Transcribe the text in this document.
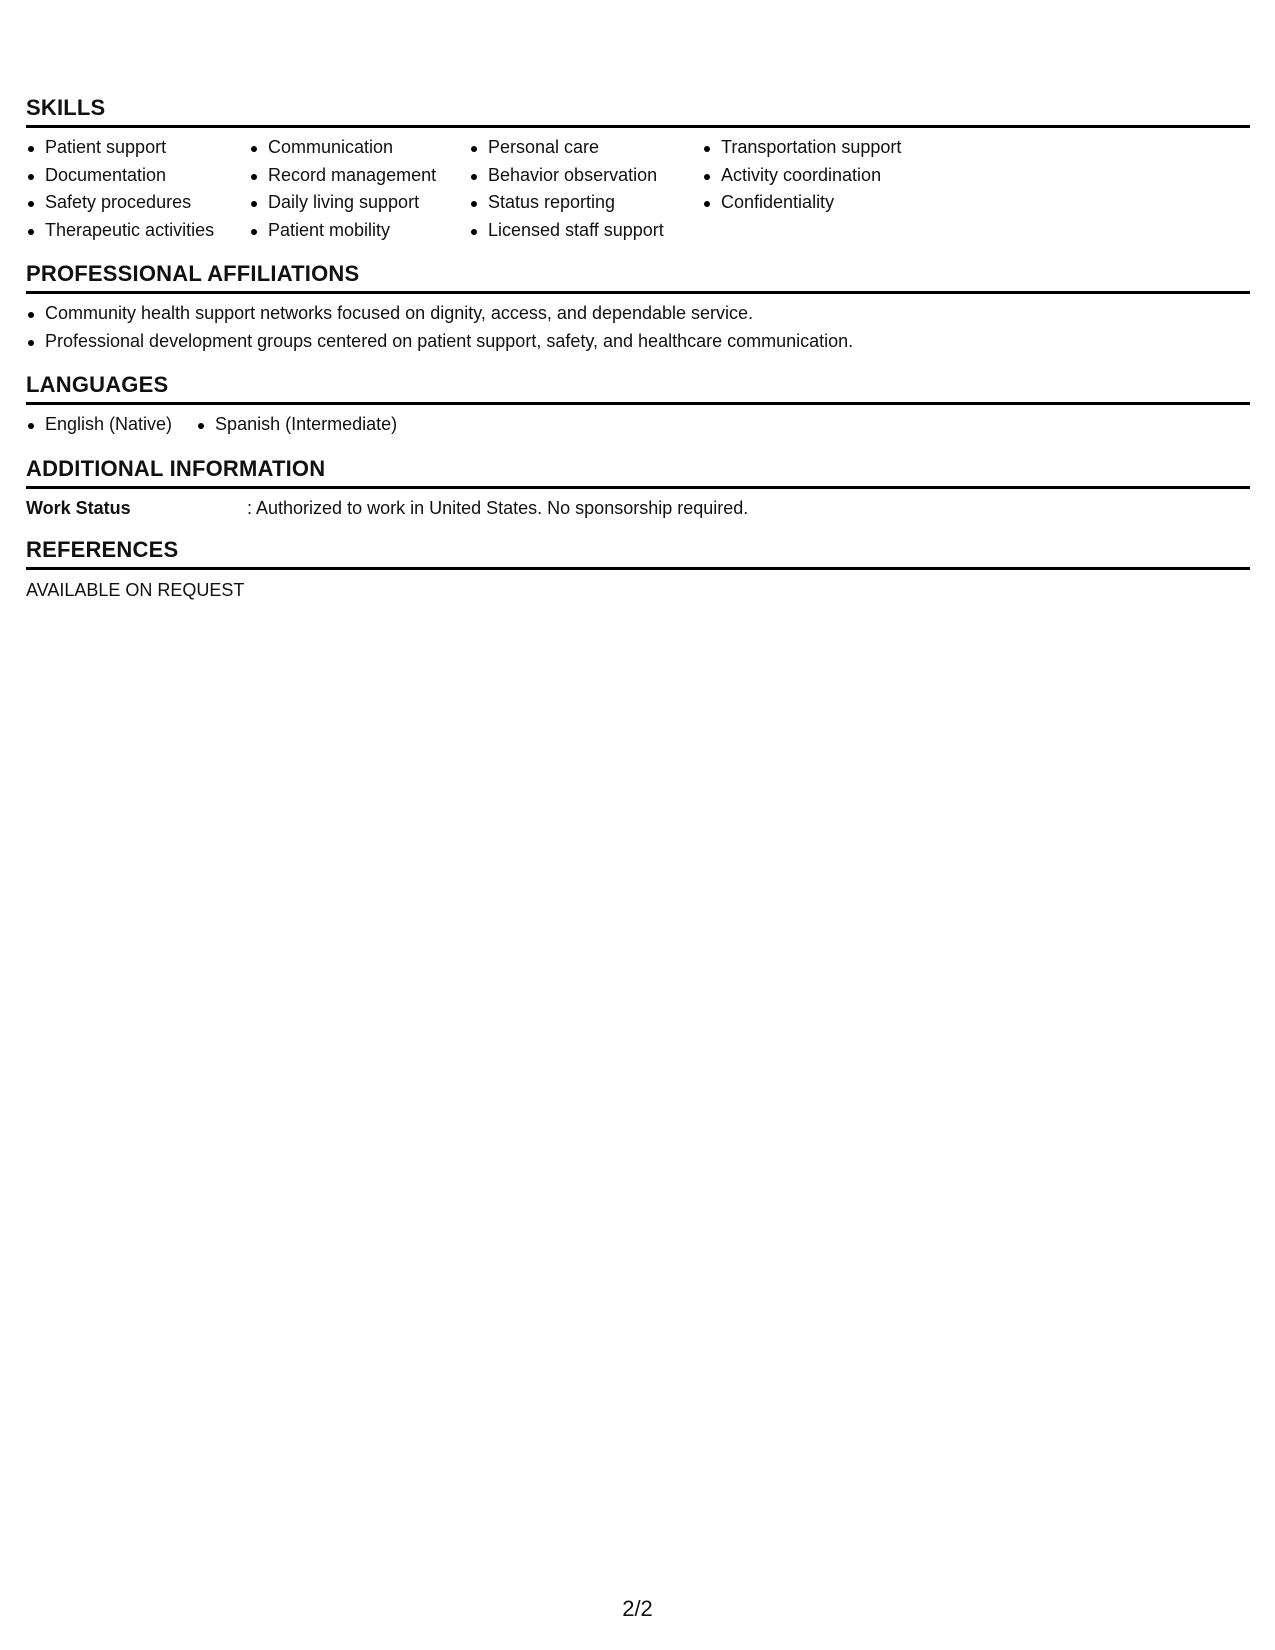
SKILLS
Patient support
Documentation
Safety procedures
Therapeutic activities
Communication
Record management
Daily living support
Patient mobility
Personal care
Behavior observation
Status reporting
Licensed staff support
Transportation support
Activity coordination
Confidentiality
PROFESSIONAL AFFILIATIONS
Community health support networks focused on dignity, access, and dependable service.
Professional development groups centered on patient support, safety, and healthcare communication.
LANGUAGES
English (Native)	Spanish (Intermediate)
ADDITIONAL INFORMATION
Work Status	: Authorized to work in United States. No sponsorship required.
REFERENCES
AVAILABLE ON REQUEST
2/2
